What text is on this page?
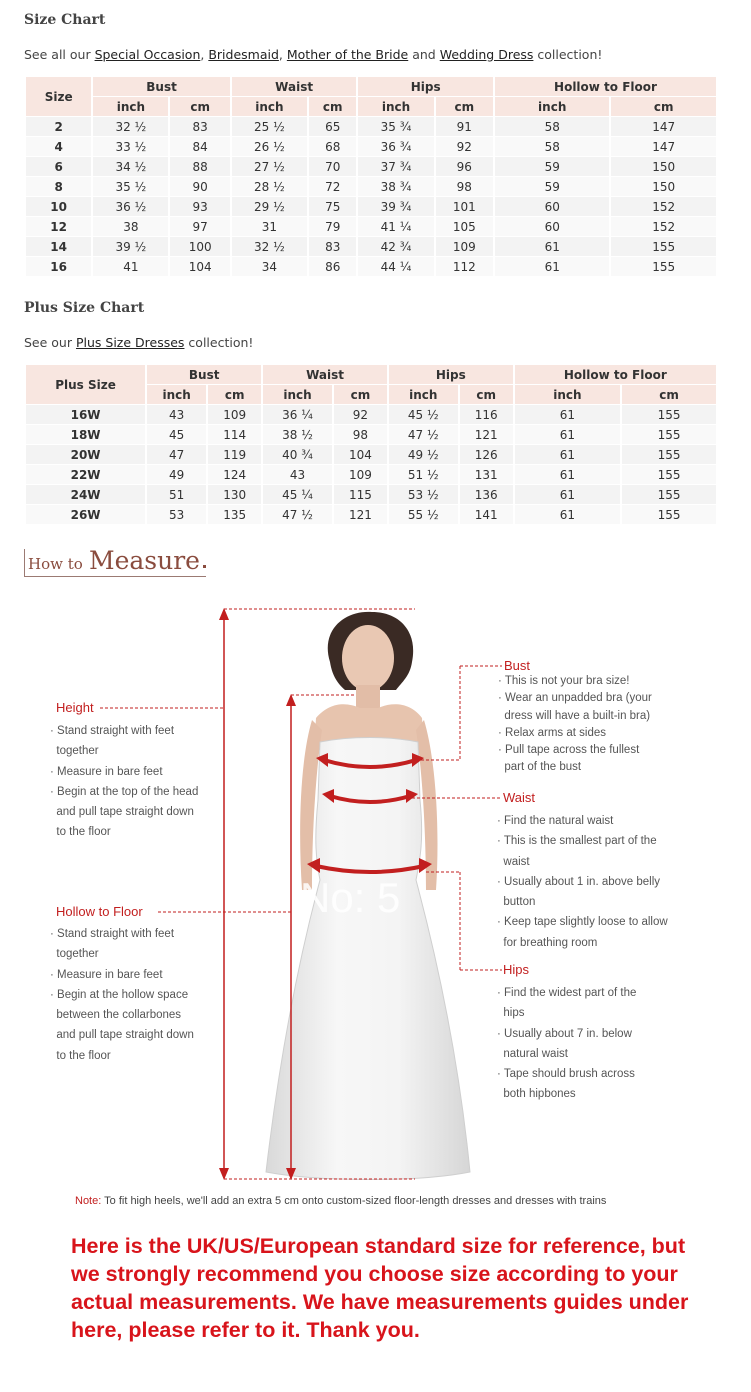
Size Chart
See all our Special Occasion, Bridesmaid, Mother of the Bride and Wedding Dress collection!
Size	Bust		Waist		Hips		Hollow to Floor	
	inch	cm	inch	cm	inch	cm	inch	cm
2	32 ½	83	25 ½	65	35 ¾	91	58	147
4	33 ½	84	26 ½	68	36 ¾	92	58	147
6	34 ½	88	27 ½	70	37 ¾	96	59	150
8	35 ½	90	28 ½	72	38 ¾	98	59	150
10	36 ½	93	29 ½	75	39 ¾	101	60	152
12	38	97	31	79	41 ¼	105	60	152
14	39 ½	100	32 ½	83	42 ¾	109	61	155
16	41	104	34	86	44 ¼	112	61	155
Plus Size Chart
See our Plus Size Dresses collection!
Plus Size	Bust		Waist		Hips		Hollow to Floor	
	inch	cm	inch	cm	inch	cm	inch	cm
16W	43	109	36 ¼	92	45 ½	116	61	155
18W	45	114	38 ½	98	47 ½	121	61	155
20W	47	119	40 ¾	104	49 ½	126	61	155
22W	49	124	43	109	51 ½	131	61	155
24W	51	130	45 ¼	115	53 ½	136	61	155
26W	53	135	47 ½	121	55 ½	141	61	155
How to Measure
No: 5
Height
· Stand straight with feet
together
· Measure in bare feet
· Begin at the top of the head
and pull tape straight down
to the floor
Hollow to Floor
· Stand straight with feet
together
· Measure in bare feet
· Begin at the hollow space
between the collarbones
and pull tape straight down
to the floor
Bust
· This is not your bra size!
· Wear an unpadded bra (your
dress will have a built-in bra)
· Relax arms at sides
· Pull tape across the fullest
part of the bust
Waist
· Find the natural waist
· This is the smallest part of the
waist
· Usually about 1 in. above belly
button
· Keep tape slightly loose to allow
for breathing room
Hips
· Find the widest part of the
hips
· Usually about 7 in. below
natural waist
· Tape should brush across
both hipbones
Note: To fit high heels, we'll add an extra 5 cm onto custom-sized floor-length dresses and dresses with trains
Here is the UK/US/European standard size for reference, but we strongly recommend you choose size according to your actual measurements. We have measurements guides under here, please refer to it. Thank you.
